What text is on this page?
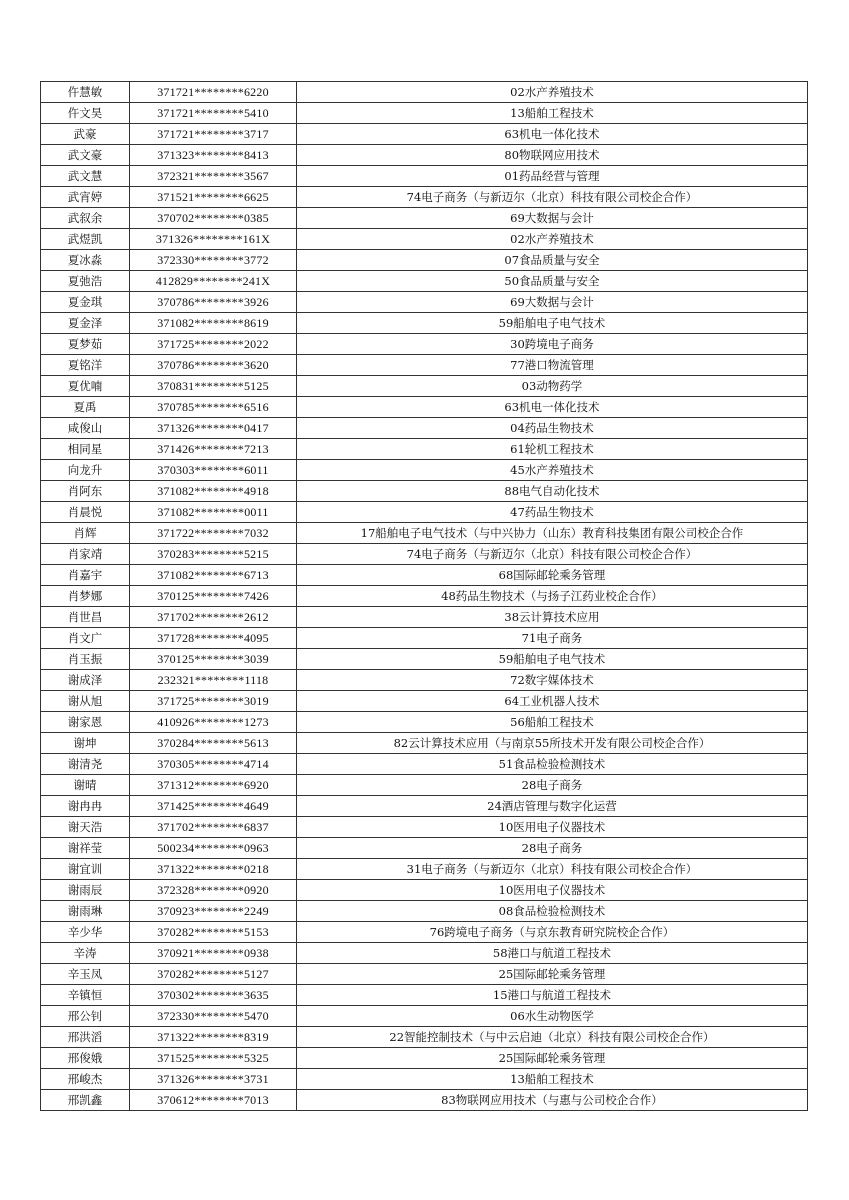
仵慧敏	371721********6220	02水产养殖技术
仵文昊	371721********5410	13船舶工程技术
武豪	371721********3717	63机电一体化技术
武文豪	371323********8413	80物联网应用技术
武文慧	372321********3567	01药品经营与管理
武宵婷	371521********6625	74电子商务（与新迈尔（北京）科技有限公司校企合作）
武叙余	370702********0385	69大数据与会计
武煜凯	371326********161X	02水产养殖技术
夏冰淼	372330********3772	07食品质量与安全
夏弛浩	412829********241X	50食品质量与安全
夏金琪	370786********3926	69大数据与会计
夏金泽	371082********8619	59船舶电子电气技术
夏梦茹	371725********2022	30跨境电子商务
夏铭洋	370786********3620	77港口物流管理
夏优喃	370831********5125	03动物药学
夏禹	370785********6516	63机电一体化技术
咸俊山	371326********0417	04药品生物技术
相同星	371426********7213	61轮机工程技术
向龙升	370303********6011	45水产养殖技术
肖阿东	371082********4918	88电气自动化技术
肖晨悦	371082********0011	47药品生物技术
肖辉	371722********7032	17船舶电子电气技术（与中兴协力（山东）教育科技集团有限公司校企合作
肖家靖	370283********5215	74电子商务（与新迈尔（北京）科技有限公司校企合作）
肖嘉宇	371082********6713	68国际邮轮乘务管理
肖梦娜	370125********7426	48药品生物技术（与扬子江药业校企合作）
肖世昌	371702********2612	38云计算技术应用
肖文广	371728********4095	71电子商务
肖玉振	370125********3039	59船舶电子电气技术
谢成泽	232321********1118	72数字媒体技术
谢从旭	371725********3019	64工业机器人技术
谢家恩	410926********1273	56船舶工程技术
谢坤	370284********5613	82云计算技术应用（与南京55所技术开发有限公司校企合作）
谢清尧	370305********4714	51食品检验检测技术
谢晴	371312********6920	28电子商务
谢冉冉	371425********4649	24酒店管理与数字化运营
谢天浩	371702********6837	10医用电子仪器技术
谢祥莹	500234********0963	28电子商务
谢宜训	371322********0218	31电子商务（与新迈尔（北京）科技有限公司校企合作）
谢雨辰	372328********0920	10医用电子仪器技术
谢雨琳	370923********2249	08食品检验检测技术
辛少华	370282********5153	76跨境电子商务（与京东教育研究院校企合作）
辛涛	370921********0938	58港口与航道工程技术
辛玉凤	370282********5127	25国际邮轮乘务管理
辛镇恒	370302********3635	15港口与航道工程技术
邢公钊	372330********5470	06水生动物医学
邢洪滔	371322********8319	22智能控制技术（与中云启迪（北京）科技有限公司校企合作）
邢俊娥	371525********5325	25国际邮轮乘务管理
邢峻杰	371326********3731	13船舶工程技术
邢凯鑫	370612********7013	83物联网应用技术（与惠与公司校企合作）
